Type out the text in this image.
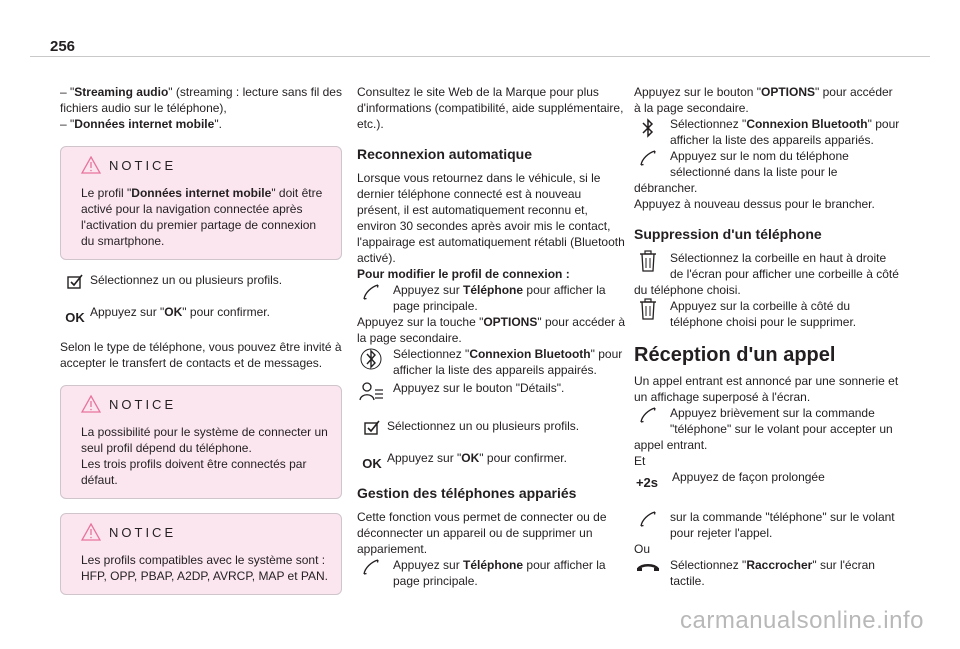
256

– "Streaming audio" (streaming : lecture sans fil des fichiers audio sur le téléphone),

– "Données internet mobile".

NOTICE

Le profil "Données internet mobile" doit être activé pour la navigation connectée après l'activation du premier partage de connexion du smartphone.

Sélectionnez un ou plusieurs profils.

OK Appuyez sur "OK" pour confirmer.

Selon le type de téléphone, vous pouvez être invité à accepter le transfert de contacts et de messages.

NOTICE

La possibilité pour le système de connecter un seul profil dépend du téléphone.

Les trois profils doivent être connectés par défaut.

NOTICE

Les profils compatibles avec le système sont : HFP, OPP, PBAP, A2DP, AVRCP, MAP et PAN.

Consultez le site Web de la Marque pour plus d'informations (compatibilité, aide supplémentaire, etc.).

Reconnexion automatique

Lorsque vous retournez dans le véhicule, si le dernier téléphone connecté est à nouveau présent, il est automatiquement reconnu et, environ 30 secondes après avoir mis le contact, l'appairage est automatiquement rétabli (Bluetooth activé).

Pour modifier le profil de connexion :

Appuyez sur Téléphone pour afficher la page principale.

Appuyez sur la touche "OPTIONS" pour accéder à la page secondaire.

Sélectionnez "Connexion Bluetooth" pour afficher la liste des appareils appairés.

Appuyez sur le bouton "Détails".

Sélectionnez un ou plusieurs profils.

OK Appuyez sur "OK" pour confirmer.

Gestion des téléphones appariés

Cette fonction vous permet de connecter ou de déconnecter un appareil ou de supprimer un appariement.

Appuyez sur Téléphone pour afficher la page principale.

Appuyez sur le bouton "OPTIONS" pour accéder à la page secondaire.

Sélectionnez "Connexion Bluetooth" pour afficher la liste des appareils appariés.

Appuyez sur le nom du téléphone sélectionné dans la liste pour le débrancher.

Appuyez à nouveau dessus pour le brancher.

Suppression d'un téléphone

Sélectionnez la corbeille en haut à droite de l'écran pour afficher une corbeille à côté du téléphone choisi.

Appuyez sur la corbeille à côté du téléphone choisi pour le supprimer.

Réception d'un appel

Un appel entrant est annoncé par une sonnerie et un affichage superposé à l'écran.

Appuyez brièvement sur la commande "téléphone" sur le volant pour accepter un appel entrant.

Et

+2s	Appuyez de façon prolongée

sur la commande "téléphone" sur le volant pour rejeter l'appel.

Ou

Sélectionnez "Raccrocher" sur l'écran tactile.

carmanualsonline.info
